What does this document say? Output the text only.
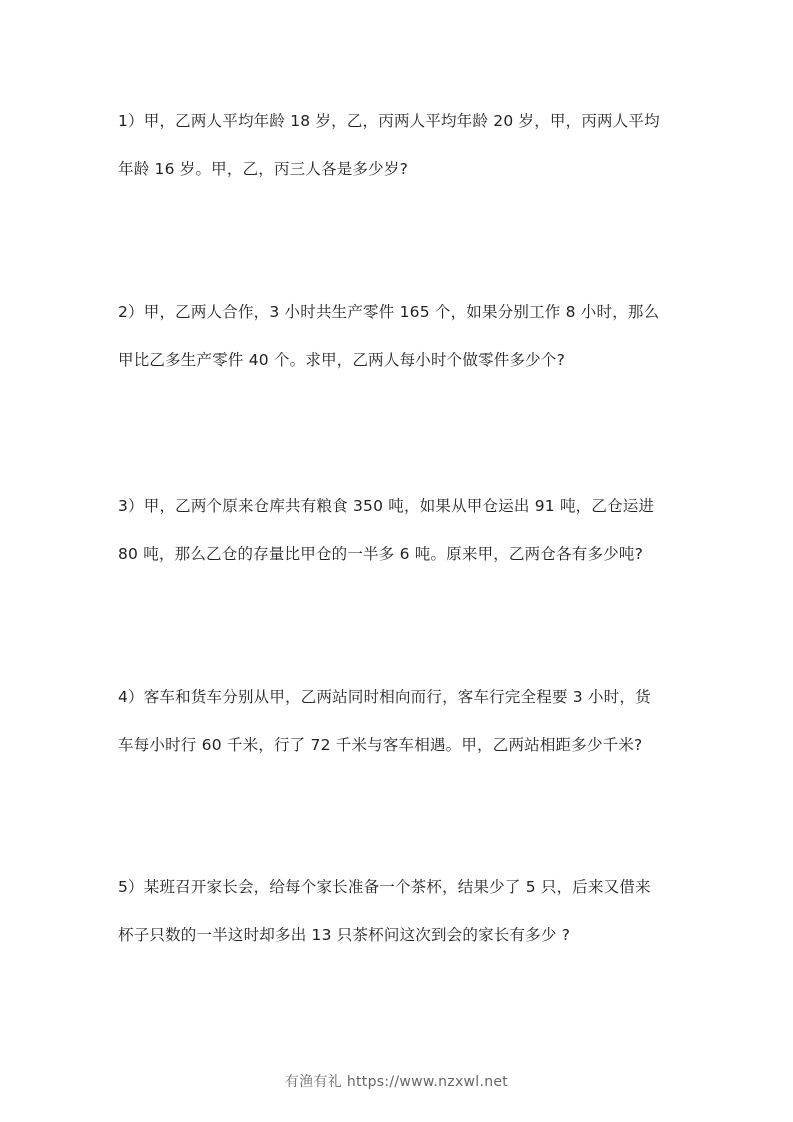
1）甲，乙两人平均年龄 18 岁，乙，丙两人平均年龄 20 岁，甲，丙两人平均
年龄 16 岁。甲，乙，丙三人各是多少岁?
2）甲，乙两人合作，3 小时共生产零件 165 个，如果分别工作 8 小时，那么
甲比乙多生产零件 40 个。求甲，乙两人每小时个做零件多少个?
3）甲，乙两个原来仓库共有粮食 350 吨，如果从甲仓运出 91 吨，乙仓运进
80 吨，那么乙仓的存量比甲仓的一半多 6 吨。原来甲，乙两仓各有多少吨?
4）客车和货车分别从甲，乙两站同时相向而行，客车行完全程要 3 小时，货
车每小时行 60 千米，行了 72 千米与客车相遇。甲，乙两站相距多少千米?
5）某班召开家长会，给每个家长准备一个茶杯，结果少了 5 只，后来又借来
杯子只数的一半这时却多出 13 只茶杯问这次到会的家长有多少 ?
有渔有礼 https://www.nzxwl.net
